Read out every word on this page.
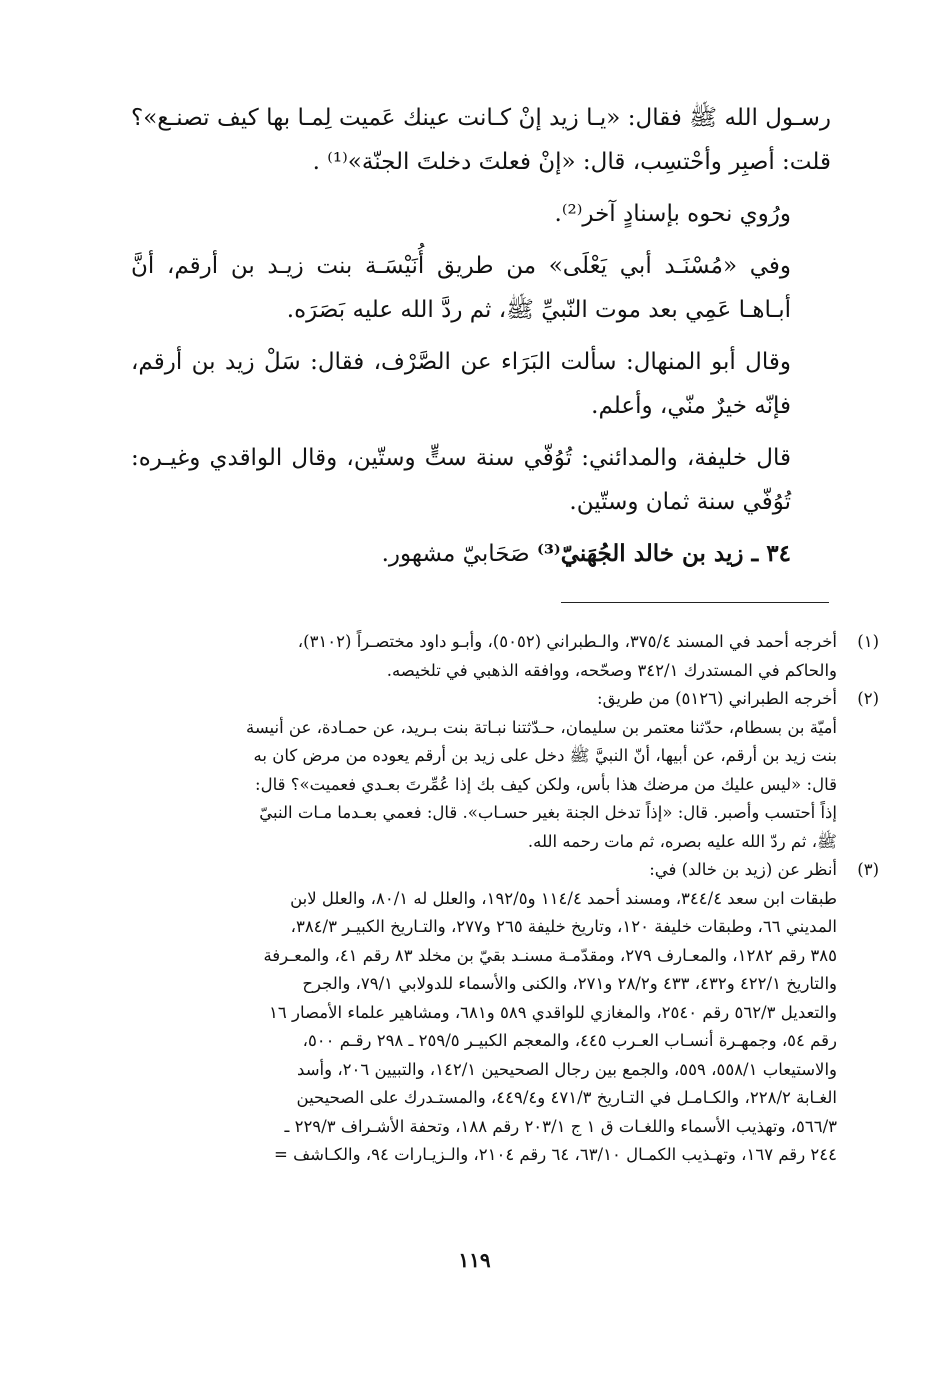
رسـول الله ﷺ فقال: «يـا زيد إنْ كـانت عينك عَميت لِمـا بها كيف تصنـع»؟ قلت: أصبِر وأحْتسِب، قال: «إنْ فعلتَ دخلتَ الجنّة»⁽¹⁾ .

ورُوي نحوه بإسنادٍ آخر⁽²⁾.

وفي «مُسْنَـد أبي يَعْلَى» من طريق أُنَيْسَـة بنت زيـد بن أرقم، أنَّ أبـاهـا عَمِي بعد موت النّبيِّ ﷺ، ثم ردَّ الله عليه بَصَرَه.

وقال أبو المنهال: سألت البَرَاء عن الصَّرْف، فقال: سَلْ زيد بن أرقم، فإنّه خيرٌ منّي، وأعلم.

قال خليفة، والمدائني: تُوُفّي سنة ستٍّ وستّين، وقال الواقدي وغيـره: تُوُفّي سنة ثمان وستّين.

٣٤ ـ زيد بن خالد الجُهَنيّ⁽³⁾ صَحَابيّ مشهور.

(١)

أخرجه أحمد في المسند ٣٧٥/٤، والـطبراني (٥٠٥٢)، وأبـو داود مختصـراً (٣١٠٢)،

والحاكم في المستدرك ٣٤٢/١ وصحّحه، ووافقه الذهبي في تلخيصه.

(٢)

أخرجه الطبراني (٥١٢٦) من طريق:

أميّة بن بسطام، حدّثنا معتمر بن سليمان، حـدّثتنا نبـاتة بنت بـريد، عن حمـادة، عن أنيسة

بنت زيد بن أرقم، عن أبيها، أنّ النبيَّ ﷺ دخل على زيد بن أرقم يعوده من مرض كان به

قال: «ليس عليك من مرضك هذا بأس، ولكن كيف بك إذا عُمِّرتَ بعـدي فعميت»؟ قال:

إذاً أحتسب وأصبر. قال: «إذاً تدخل الجنة بغير حسـاب». قال: فعمي بعـدما مـات النبيّ

ﷺ، ثم ردّ الله عليه بصره، ثم مات رحمه الله.

(٣)

أنظر عن (زيد بن خالد) في:

طبقات ابن سعد ٣٤٤/٤، ومسند أحمد ١١٤/٤ و١٩٢/٥، والعلل له ٨٠/١، والعلل لابن

المديني ٦٦، وطبقات خليفة ١٢٠، وتاريخ خليفة ٢٦٥ و٢٧٧، والتـاريخ الكبيـر ٣٨٤/٣،

٣٨٥ رقم ١٢٨٢، والمعـارف ٢٧٩، ومقدّمـة مسنـد بقيّ بن مخلد ٨٣ رقم ٤١، والمعـرفة

والتاريخ ٤٢٢/١ و٤٣٢، ٤٣٣ و٢٨/٢ و٢٧١، والكنى والأسماء للدولابي ٧٩/١، والجرح

والتعديل ٥٦٢/٣ رقم ٢٥٤٠، والمغازي للواقدي ٥٨٩ و٦٨١، ومشاهير علماء الأمصار ١٦

رقم ٥٤، وجمهـرة أنسـاب العـرب ٤٤٥، والمعجم الكبيـر ٢٥٩/٥ ـ ٢٩٨ رقـم ٥٠٠،

والاستيعاب ٥٥٨/١، ٥٥٩، والجمع بين رجال الصحيحين ١٤٢/١، والتبيين ٢٠٦، وأسد

الغـابة ٢٢٨/٢، والكـامـل في التـاريخ ٤٧١/٣ و٤٤٩/٤، والمستـدرك على الصحيحين

٥٦٦/٣، وتهذيب الأسماء واللغـات ق ١ ج ٢٠٣/١ رقم ١٨٨، وتحفة الأشـراف ٢٢٩/٣ ـ

٢٤٤ رقم ١٦٧، وتهـذيب الكمـال ٦٣/١٠، ٦٤ رقم ٢١٠٤، والـزيـارات ٩٤، والكـاشف =

١١٩
